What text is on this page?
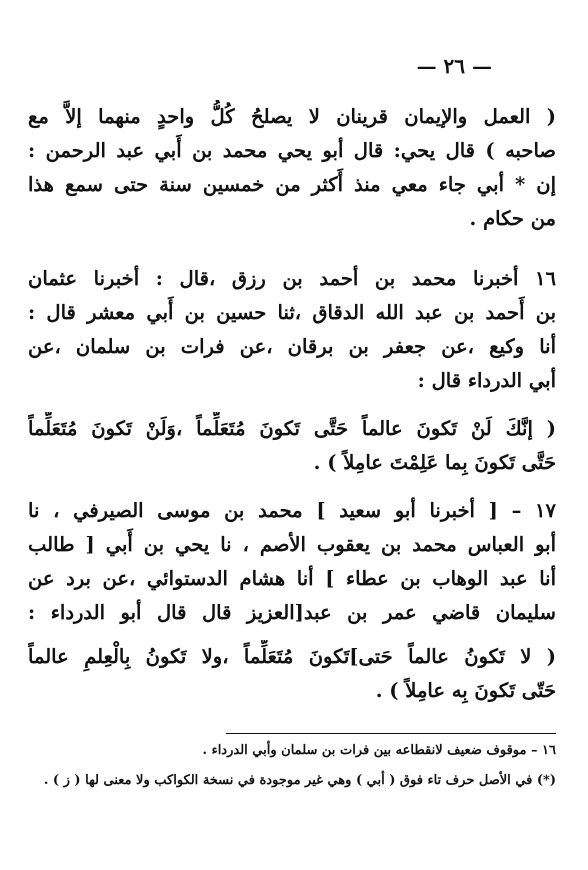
— ٢٦ —
( العمل والإيمان قرينان لا يصلحُ كُلُّ واحدٍ منهما إلاَّ مع
صاحبه ) قال يحي: قال أبو يحي محمد بن أَبي عبد الرحمن :
إن * أبي جاء معي منذ أَكثر من خمسين سنة حتى سمع هذا
من حكام .
١٦ أخبرنا محمد بن أحمد بن رزق ،قال : أخبرنا عثمان
بن أَحمد بن عبد الله الدقاق ،ثنا حسين بن أَبي معشر قال :
أنا وكيع ،عن جعفر بن برقان ،عن فرات بن سلمان ،عن
أبي الدرداء قال :
( إنَّكَ لَنْ تَكونَ عالماً حَتَّى تَكونَ مُتَعَلِّماً ،وَلَنْ تَكونَ مُتَعَلِّماً
حَتَّى تَكونَ بِما عَلِمْتَ عامِلاً ) .
١٧ – [ أخبرنا أبو سعيد ] محمد بن موسى الصيرفي ، نا
أبو العباس محمد بن يعقوب الأصم ، نا يحي بن أَبي [ طالب
أنا عبد الوهاب بن عطاء ] أنا هشام الدستوائي ،عن برد عن
سليمان قاضي عمر بن عبد[العزيز قال قال أبو الدرداء :
( لا تَكونُ عالماً حَتى]تَكونَ مُتَعَلِّماً ،ولا تَكونُ بِالْعِلمِ عالماً
حَتّى تَكونَ بِه عامِلاً ) .
١٦ – موقوف ضعيف لانقطاعه بين فرات بن سلمان وأبي الدرداء .
(*) في الأصل حرف تاء فوق ( أبي ) وهي غير موجودة في نسخة الكواكب ولا معنى لها ( ز ) .
